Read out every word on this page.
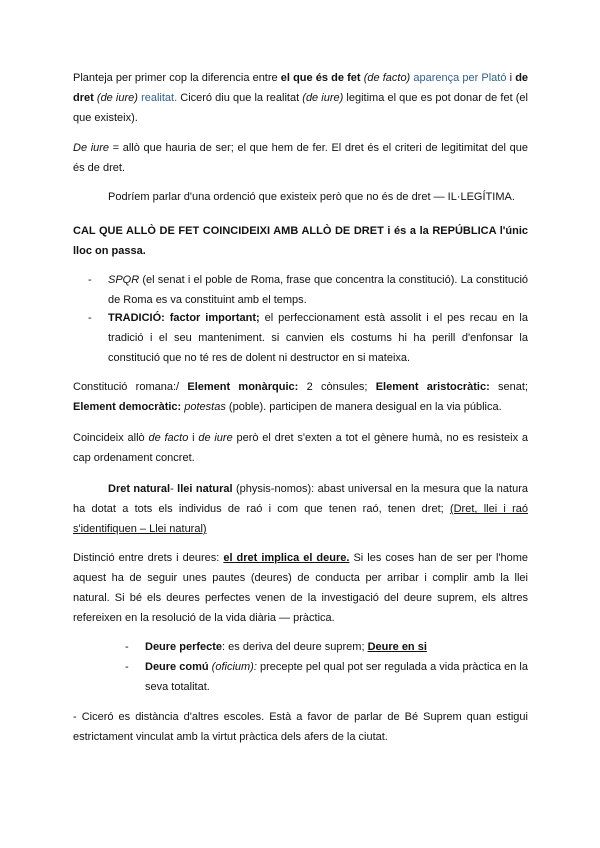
Planteja per primer cop la diferencia entre el que és de fet (de facto) aparença per Plató i de dret (de iure) realitat. Ciceró diu que la realitat (de iure) legitima el que es pot donar de fet (el que existeix).

De iure = allò que hauria de ser; el que hem de fer. El dret és el criteri de legitimitat del que és de dret.

Podríem parlar d'una ordenció que existeix però que no és de dret — IL·LEGÍTIMA.

CAL QUE ALLÒ DE FET COINCIDEIXI AMB ALLÒ DE DRET i és a la REPÚBLICA l'únic lloc on passa.

- SPQR (el senat i el poble de Roma, frase que concentra la constitució). La constitució de Roma es va constituint amb el temps.
- TRADICIÓ: factor important; el perfeccionament està assolit i el pes recau en la tradició i el seu manteniment. si canvien els costums hi ha perill d'enfonsar la constitució que no té res de dolent ni destructor en si mateixa.

Constitució romana:/ Element monàrquic: 2 cònsules; Element aristocràtic: senat; Element democràtic: potestas (poble). participen de manera desigual en la via pública.

Coincideix allò de facto i de iure però el dret s'exten a tot el gènere humà, no es resisteix a cap ordenament concret.

Dret natural- llei natural (physis-nomos): abast universal en la mesura que la natura ha dotat a tots els individus de raó i com que tenen raó, tenen dret; (Dret, llei i raó s'identifiquen – Llei natural)

Distinció entre drets i deures: el dret implica el deure. Si les coses han de ser per l'home aquest ha de seguir unes pautes (deures) de conducta per arribar i complir amb la llei natural. Si bé els deures perfectes venen de la investigació del deure suprem, els altres refereixen en la resolució de la vida diària — pràctica.

- Deure perfecte: es deriva del deure suprem; Deure en si
- Deure comú (oficium): precepte pel qual pot ser regulada a vida pràctica en la seva totalitat.

- Ciceró es distància d'altres escoles. Està a favor de parlar de Bé Suprem quan estigui estrictament vinculat amb la virtut pràctica dels afers de la ciutat.
